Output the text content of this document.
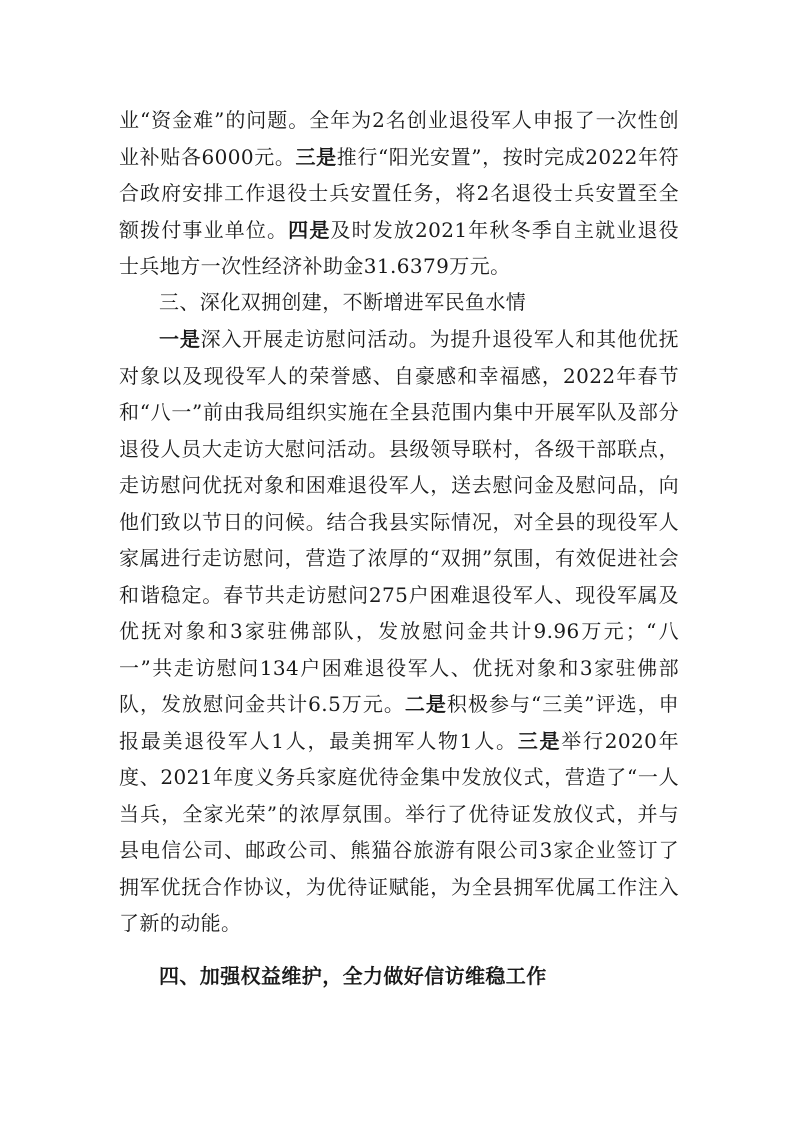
业“资金难”的问题。全年为2名创业退役军人申报了一次性创业补贴各6000元。三是推行“阳光安置”，按时完成2022年符合政府安排工作退役士兵安置任务，将2名退役士兵安置至全额拨付事业单位。四是及时发放2021年秋冬季自主就业退役士兵地方一次性经济补助金31.6379万元。

三、深化双拥创建，不断增进军民鱼水情

一是深入开展走访慰问活动。为提升退役军人和其他优抚对象以及现役军人的荣誉感、自豪感和幸福感，2022年春节和“八一”前由我局组织实施在全县范围内集中开展军队及部分退役人员大走访大慰问活动。县级领导联村，各级干部联点，走访慰问优抚对象和困难退役军人，送去慰问金及慰问品，向他们致以节日的问候。结合我县实际情况，对全县的现役军人家属进行走访慰问，营造了浓厚的“双拥”氛围，有效促进社会和谐稳定。春节共走访慰问275户困难退役军人、现役军属及优抚对象和3家驻佛部队，发放慰问金共计9.96万元；“八一”共走访慰问134户困难退役军人、优抚对象和3家驻佛部队，发放慰问金共计6.5万元。二是积极参与“三美”评选，申报最美退役军人1人，最美拥军人物1人。三是举行2020年度、2021年度义务兵家庭优待金集中发放仪式，营造了“一人当兵，全家光荣”的浓厚氛围。举行了优待证发放仪式，并与县电信公司、邮政公司、熊猫谷旅游有限公司3家企业签订了拥军优抚合作协议，为优待证赋能，为全县拥军优属工作注入了新的动能。

四、加强权益维护，全力做好信访维稳工作
